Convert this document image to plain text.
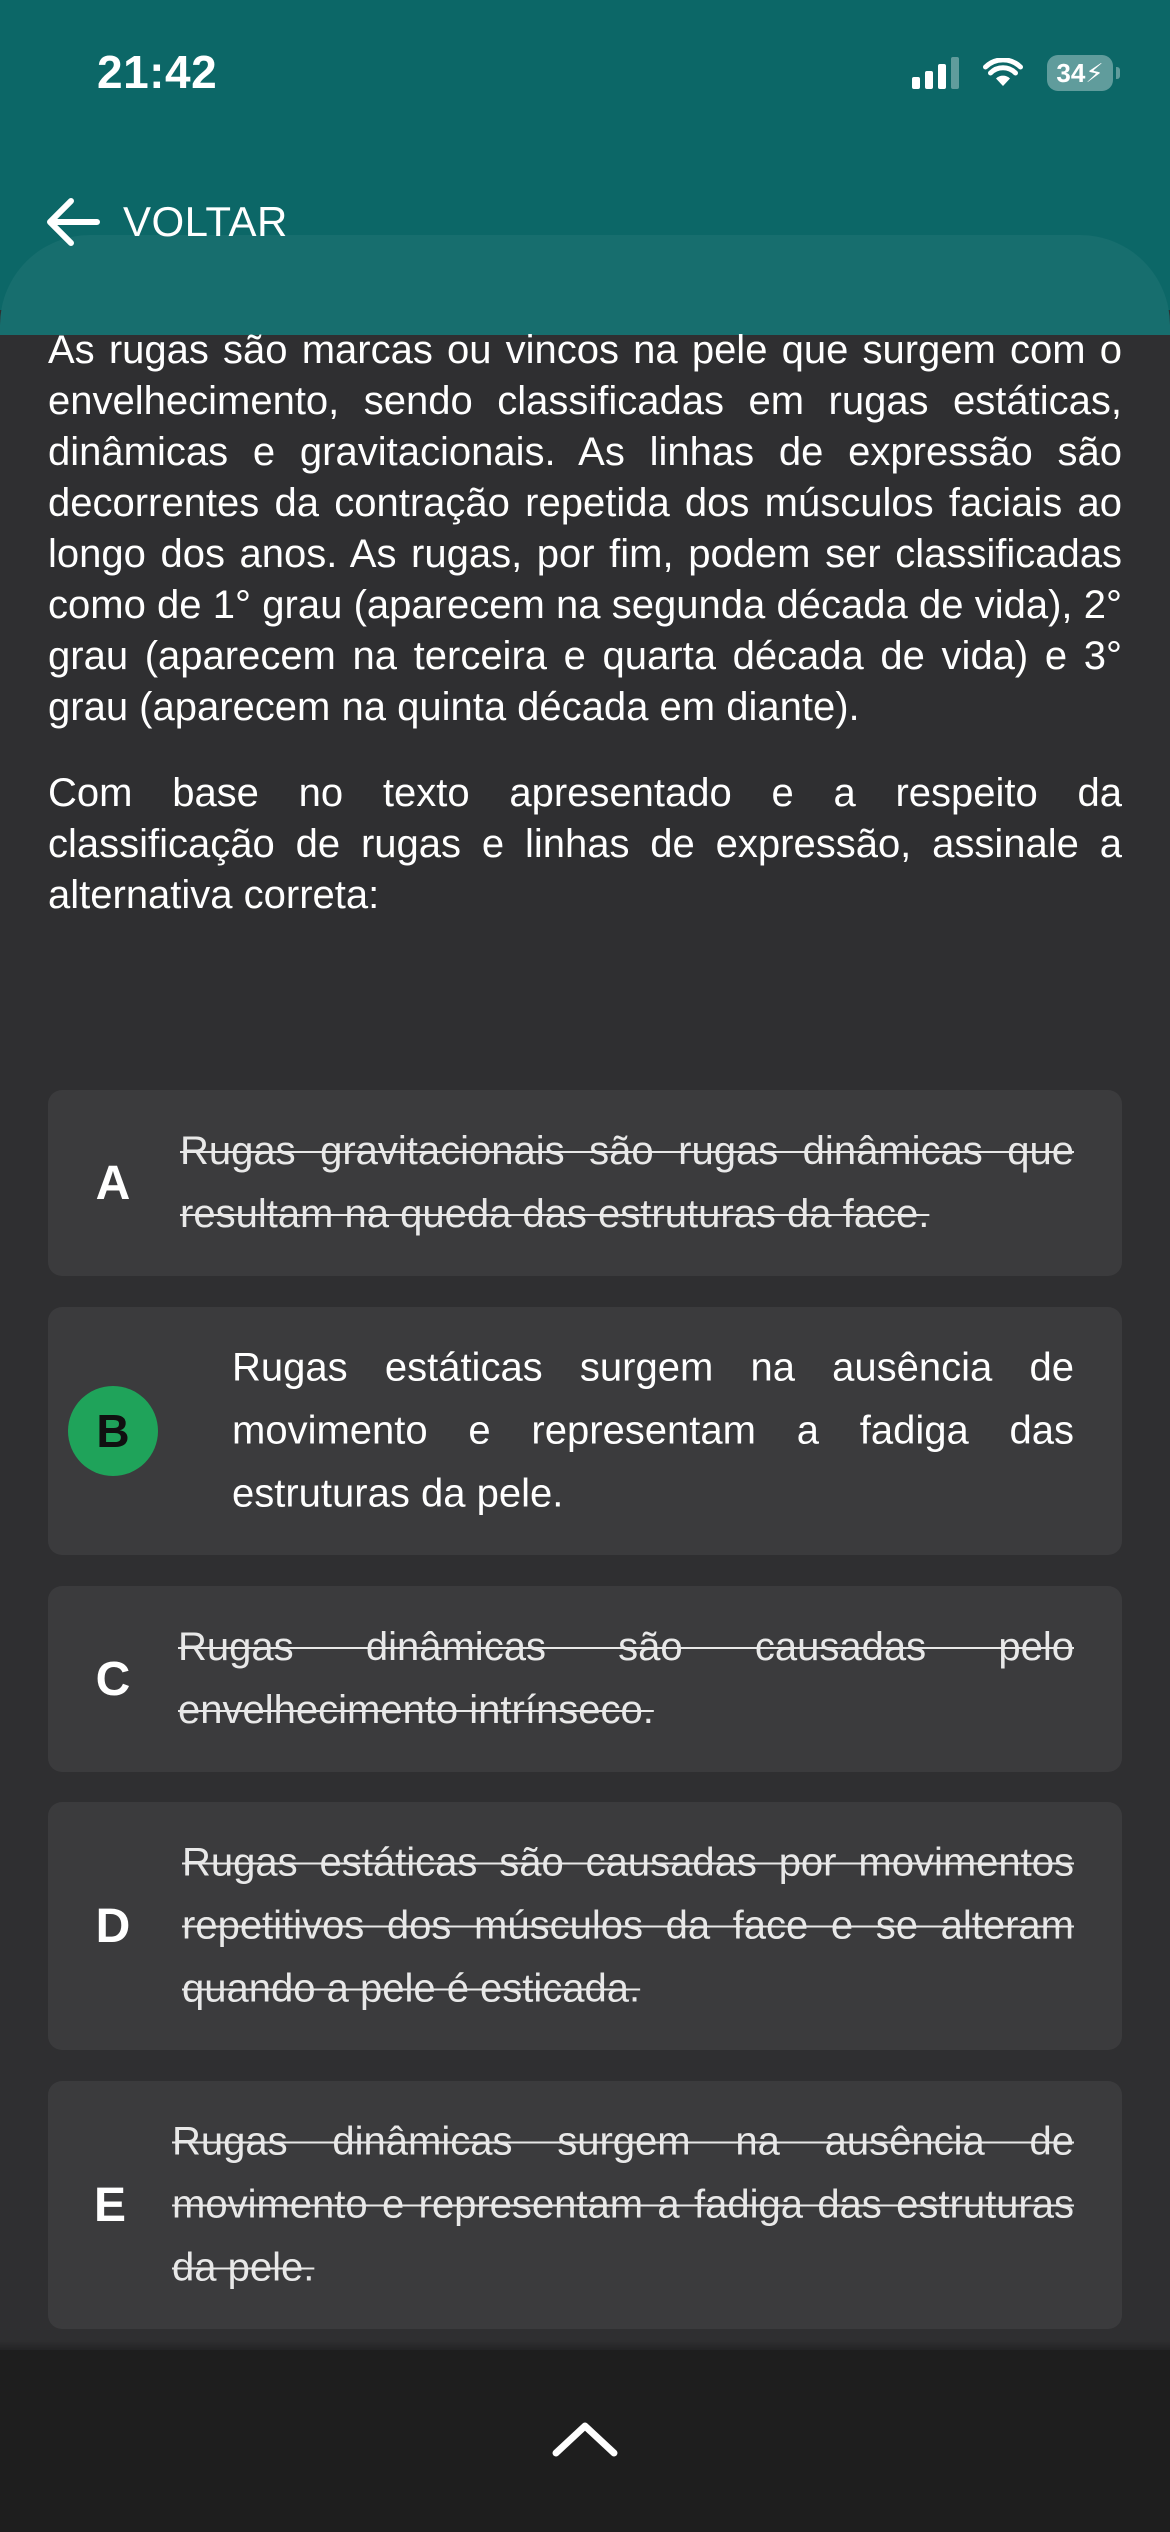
21:42	34⚡
VOLTAR

As rugas são marcas ou vincos na pele que surgem com o envelhecimento, sendo classificadas em rugas estáticas, dinâmicas e gravitacionais. As linhas de expressão são decorrentes da contração repetida dos músculos faciais ao longo dos anos. As rugas, por fim, podem ser classificadas como de 1° grau (aparecem na segunda década de vida), 2° grau (aparecem na terceira e quarta década de vida) e 3° grau (aparecem na quinta década em diante).

Com base no texto apresentado e a respeito da classificação de rugas e linhas de expressão, assinale a alternativa correta:

A
Rugas gravitacionais são rugas dinâmicas que resultam na queda das estruturas da face.
B
Rugas estáticas surgem na ausência de movimento e representam a fadiga das estruturas da pele.
C
Rugas dinâmicas são causadas pelo envelhecimento intrínseco.
D
Rugas estáticas são causadas por movimentos repetitivos dos músculos da face e se alteram quando a pele é esticada.
E
Rugas dinâmicas surgem na ausência de movimento e representam a fadiga das estruturas da pele.
